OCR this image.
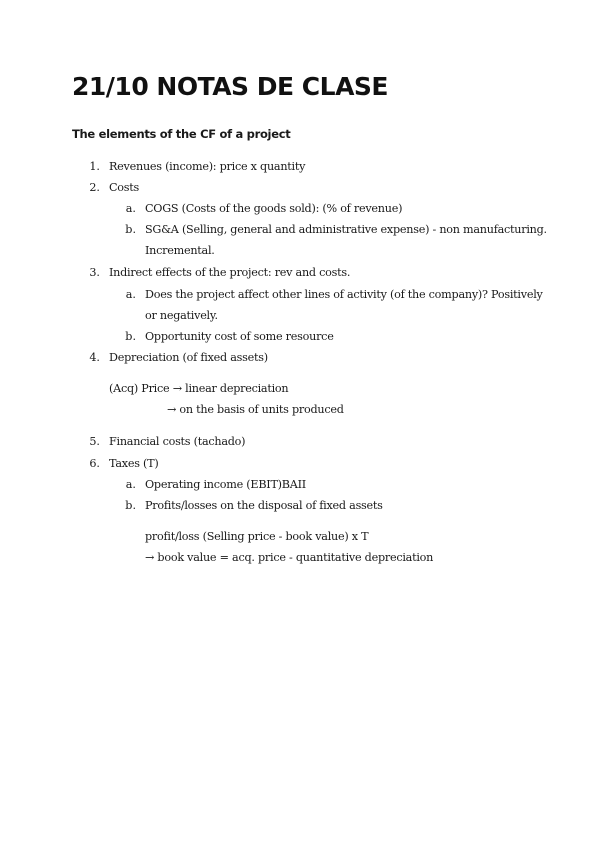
21/10 NOTAS DE CLASE
The elements of the CF of a project
1. Revenues (income): price x quantity
2. Costs
a. COGS (Costs of the goods sold): (% of revenue)
b. SG&A (Selling, general and administrative expense) - non manufacturing.
Incremental.
3. Indirect effects of the project: rev and costs.
a. Does the project affect other lines of activity (of the company)? Positively
or negatively.
b. Opportunity cost of some resource
4. Depreciation (of fixed assets)
(Acq) Price → linear depreciation
→ on the basis of units produced
5. Financial costs (tachado)
6. Taxes (T)
a. Operating income (EBIT)BAII
b. Profits/losses on the disposal of fixed assets
profit/loss (Selling price - book value) x T
→ book value = acq. price - quantitative depreciation
